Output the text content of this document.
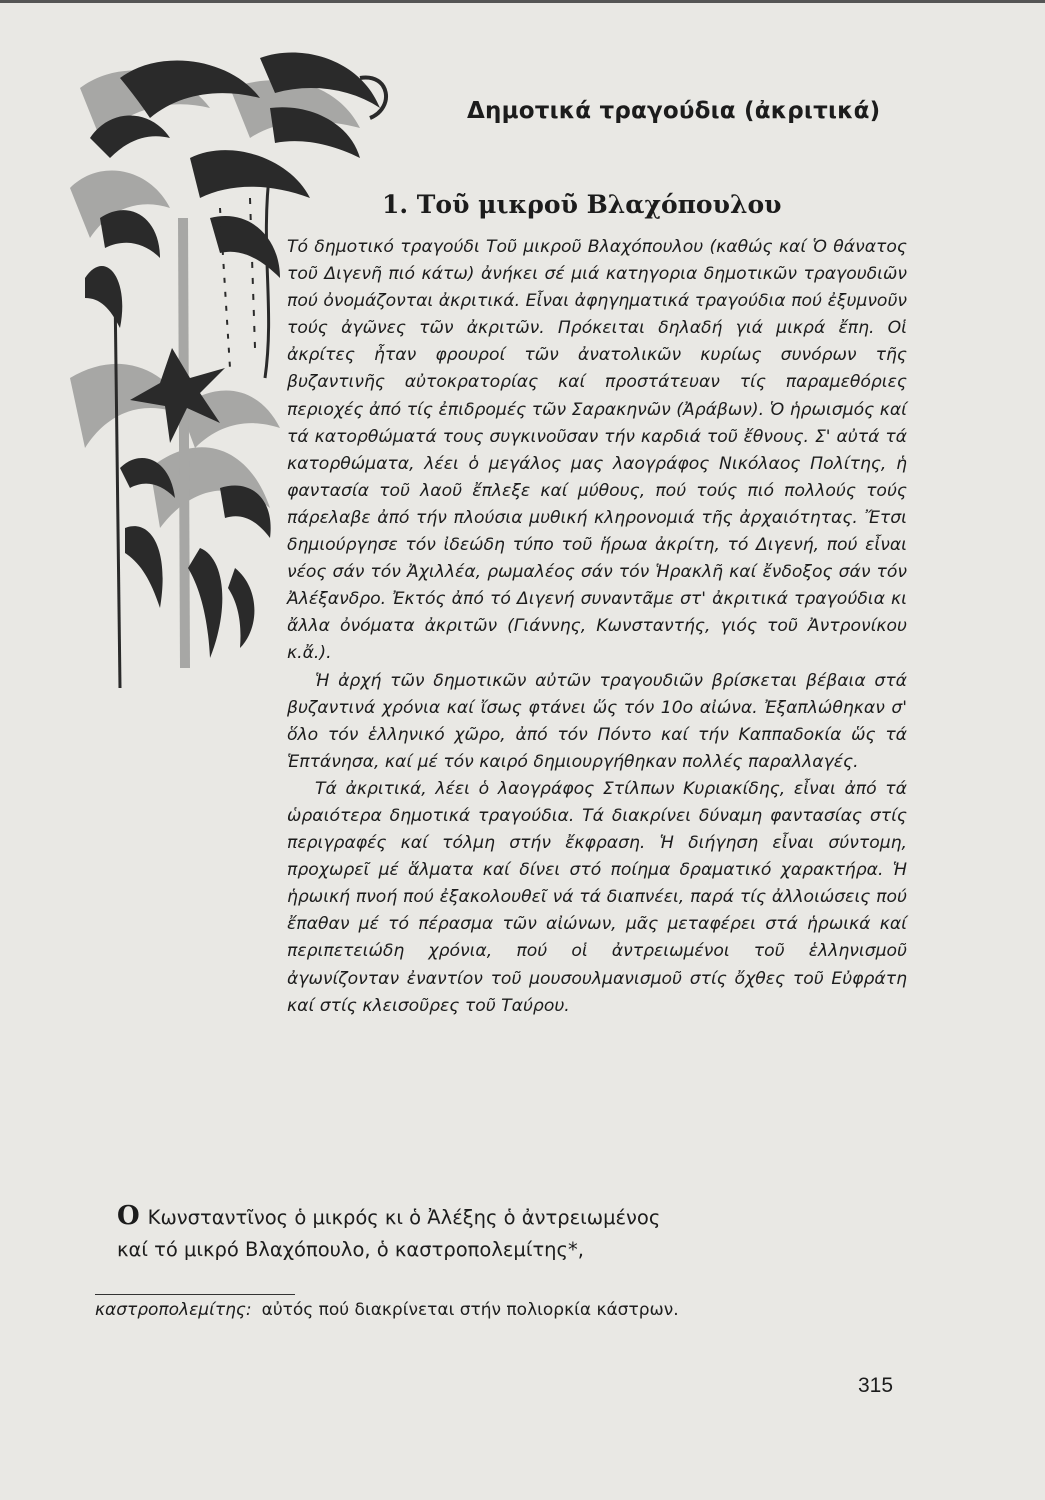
Δημοτικά τραγούδια (ἀκριτικά)
1. Τοῦ μικροῦ Βλαχόπουλου

Τό δημοτικό τραγούδι Τοῦ μικροῦ Βλαχόπουλου (καθώς καί Ὁ θάνατος τοῦ Διγενῆ πιό κάτω) ἀνήκει σέ μιά κατηγορια δημοτικῶν τραγουδιῶν πού ὀνομάζονται ἀκριτικά. Εἶναι ἀφηγηματικά τραγούδια πού ἐξυμνοῦν τούς ἀγῶνες τῶν ἀκριτῶν. Πρόκειται δηλαδή γιά μικρά ἔπη. Οἱ ἀκρίτες ἦταν φρουροί τῶν ἀνατολικῶν κυρίως συνόρων τῆς βυζαντινῆς αὐτοκρατορίας καί προστάτευαν τίς παραμεθόριες περιοχές ἀπό τίς ἐπιδρομές τῶν Σαρακηνῶν (Ἀράβων). Ὁ ἡρωισμός καί τά κατορθώματά τους συγκινοῦσαν τήν καρδιά τοῦ ἔθνους. Σ' αὐτά τά κατορθώματα, λέει ὁ μεγάλος μας λαογράφος Νικόλαος Πολίτης, ἡ φαντασία τοῦ λαοῦ ἔπλεξε καί μύθους, πού τούς πιό πολλούς τούς πάρελαβε ἀπό τήν πλούσια μυθική κληρονομιά τῆς ἀρχαιότητας. Ἔτσι δημιούργησε τόν ἰδεώδη τύπο τοῦ ἥρωα ἀκρίτη, τό Διγενή, πού εἶναι νέος σάν τόν Ἀχιλλέα, ρωμαλέος σάν τόν Ἡρακλῆ καί ἔνδοξος σάν τόν Ἀλέξανδρο. Ἐκτός ἀπό τό Διγενή συναντᾶμε στ' ἀκριτικά τραγούδια κι ἄλλα ὀνόματα ἀκριτῶν (Γιάννης, Κωνσταντής, γιός τοῦ Ἀντρονίκου κ.ἄ.).

Ἡ ἀρχή τῶν δημοτικῶν αὐτῶν τραγουδιῶν βρίσκεται βέβαια στά βυζαντινά χρόνια καί ἴσως φτάνει ὥς τόν 10ο αἰώνα. Ἐξαπλώθηκαν σ' ὅλο τόν ἑλληνικό χῶρο, ἀπό τόν Πόντο καί τήν Καππαδοκία ὥς τά Ἑπτάνησα, καί μέ τόν καιρό δημιουργήθηκαν πολλές παραλλαγές.

Τά ἀκριτικά, λέει ὁ λαογράφος Στίλπων Κυριακίδης, εἶναι ἀπό τά ὡραιότερα δημοτικά τραγούδια. Τά διακρίνει δύναμη φαντασίας στίς περιγραφές καί τόλμη στήν ἔκφραση. Ἡ διήγηση εἶναι σύντομη, προχωρεῖ μέ ἅλματα καί δίνει στό ποίημα δραματικό χαρακτήρα. Ἡ ἡρωική πνοή πού ἐξακολουθεῖ νά τά διαπνέει, παρά τίς ἀλλοιώσεις πού ἔπαθαν μέ τό πέρασμα τῶν αἰώνων, μᾶς μεταφέρει στά ἡρωικά καί περιπετειώδη χρόνια, πού οἱ ἀντρειωμένοι τοῦ ἑλληνισμοῦ ἀγωνίζονταν ἐναντίον τοῦ μουσουλμανισμοῦ στίς ὄχθες τοῦ Εὐφράτη καί στίς κλεισοῦρες τοῦ Ταύρου.

Ο Κωνσταντῖνος ὁ μικρός κι ὁ Ἀλέξης ὁ ἀντρειωμένος
καί τό μικρό Βλαχόπουλο, ὁ καστροπολεμίτης*,
καστροπολεμίτης: αὐτός πού διακρίνεται στήν πολιορκία κάστρων.
315
